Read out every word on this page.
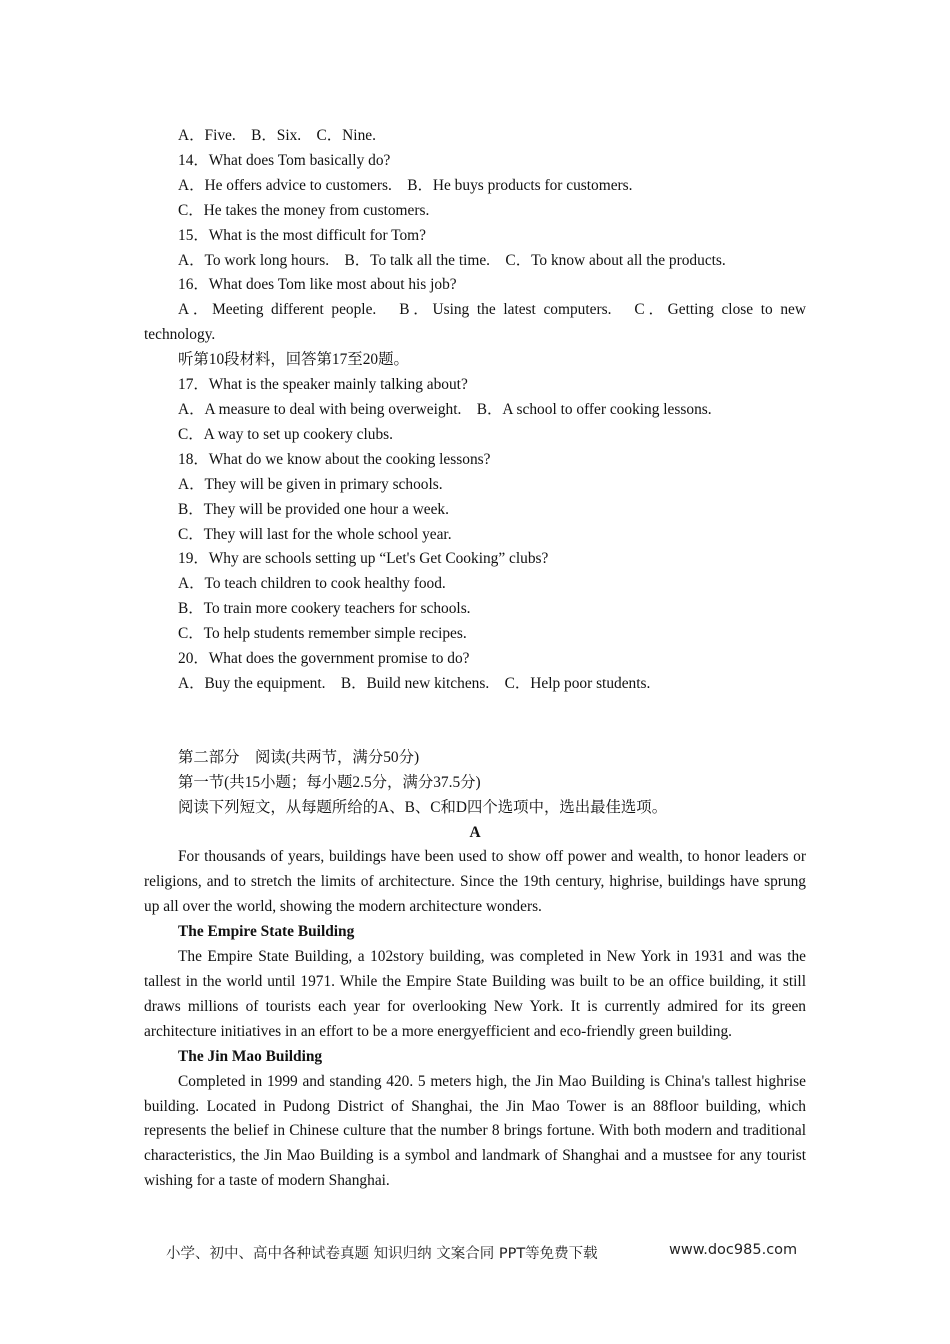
A．Five.　B．Six.　C．Nine.
14．What does Tom basically do?
A．He offers advice to customers.　B．He buys products for customers.
C．He takes the money from customers.
15．What is the most difficult for Tom?
A．To work long hours.　B．To talk all the time.　C．To know about all the products.
16．What does Tom like most about his job?
A．Meeting different people.　B．Using the latest computers.　C．Getting close to new technology.
听第10段材料，回答第17至20题。
17．What is the speaker mainly talking about?
A．A measure to deal with being overweight.　B．A school to offer cooking lessons.
C．A way to set up cookery clubs.
18．What do we know about the cooking lessons?
A．They will be given in primary schools.
B．They will be provided one hour a week.
C．They will last for the whole school year.
19．Why are schools setting up “Let's Get Cooking” clubs?
A．To teach children to cook healthy food.
B．To train more cookery teachers for schools.
C．To help students remember simple recipes.
20．What does the government promise to do?
A．Buy the equipment.　B．Build new kitchens.　C．Help poor students.
第二部分　阅读(共两节，满分50分)
第一节(共15小题；每小题2.5分，满分37.5分)
阅读下列短文，从每题所给的A、B、C和D四个选项中，选出最佳选项。
A
For thousands of years, buildings have been used to show off power and wealth, to honor leaders or religions, and to stretch the limits of architecture. Since the 19th century, highrise, buildings have sprung up all over the world, showing the modern architecture wonders.
The Empire State Building
The Empire State Building, a 102story building, was completed in New York in 1931 and was the tallest in the world until 1971. While the Empire State Building was built to be an office building, it still draws millions of tourists each year for overlooking New York. It is currently admired for its green architecture initiatives in an effort to be a more energyefficient and eco-friendly green building.
The Jin Mao Building
Completed in 1999 and standing 420. 5 meters high, the Jin Mao Building is China's tallest highrise building. Located in Pudong District of Shanghai, the Jin Mao Tower is an 88floor building, which represents the belief in Chinese culture that the number 8 brings fortune. With both modern and traditional characteristics, the Jin Mao Building is a symbol and landmark of Shanghai and a mustsee for any tourist wishing for a taste of modern Shanghai.
小学、初中、高中各种试卷真题 知识归纳 文案合同 PPT等免费下载	www.doc985.com
